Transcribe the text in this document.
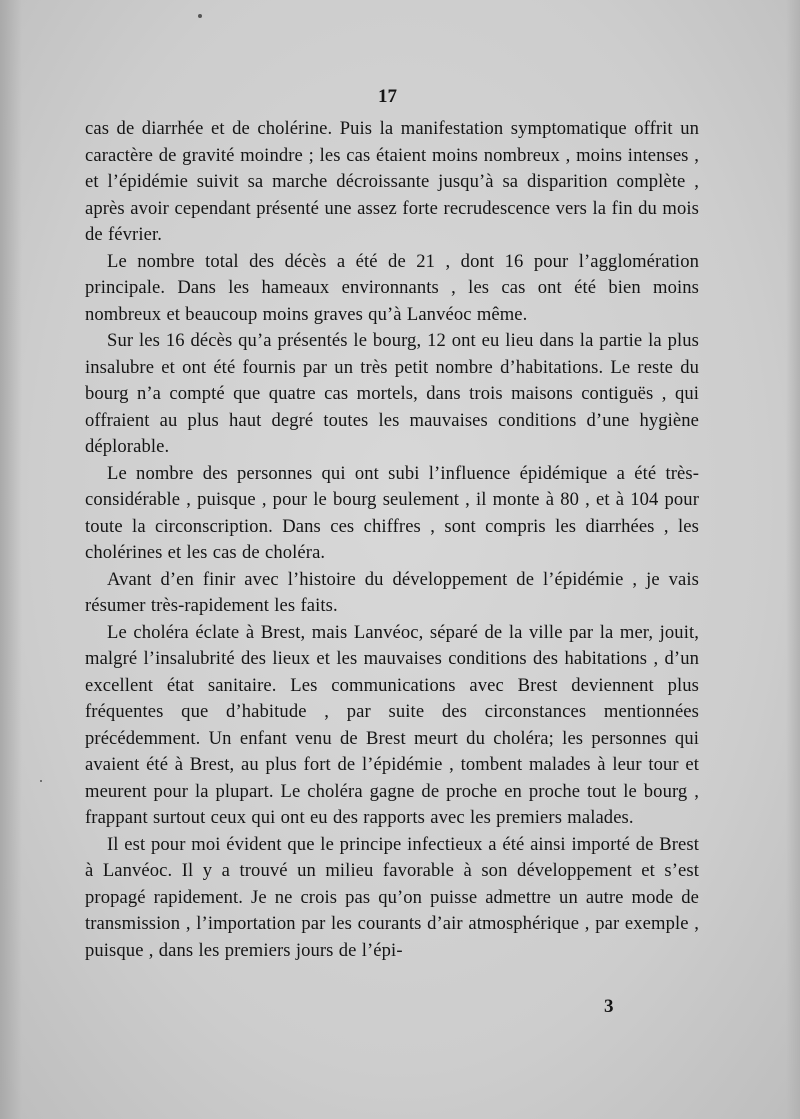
17

cas de diarrhée et de cholérine. Puis la manifestation symptomatique offrit un caractère de gravité moindre ; les cas étaient moins nombreux , moins intenses , et l’épidémie suivit sa marche décroissante jusqu’à sa disparition complète , après avoir cependant présenté une assez forte recrudescence vers la fin du mois de février.

Le nombre total des décès a été de 21 , dont 16 pour l’agglomération principale. Dans les hameaux environnants , les cas ont été bien moins nombreux et beaucoup moins graves qu’à Lanvéoc même.

Sur les 16 décès qu’a présentés le bourg, 12 ont eu lieu dans la partie la plus insalubre et ont été fournis par un très petit nombre d’habitations. Le reste du bourg n’a compté que quatre cas mortels, dans trois maisons contiguës , qui offraient au plus haut degré toutes les mauvaises conditions d’une hygiène déplorable.

Le nombre des personnes qui ont subi l’influence épidémique a été très-considérable , puisque , pour le bourg seulement , il monte à 80 , et à 104 pour toute la circonscription. Dans ces chiffres , sont compris les diarrhées , les cholérines et les cas de choléra.

Avant d’en finir avec l’histoire du développement de l’épidémie , je vais résumer très-rapidement les faits.

Le choléra éclate à Brest, mais Lanvéoc, séparé de la ville par la mer, jouit, malgré l’insalubrité des lieux et les mauvaises conditions des habitations , d’un excellent état sanitaire. Les communications avec Brest deviennent plus fréquentes que d’habitude , par suite des circonstances mentionnées précédemment. Un enfant venu de Brest meurt du choléra; les personnes qui avaient été à Brest, au plus fort de l’épidémie , tombent malades à leur tour et meurent pour la plupart. Le choléra gagne de proche en proche tout le bourg , frappant surtout ceux qui ont eu des rapports avec les premiers malades.

Il est pour moi évident que le principe infectieux a été ainsi importé de Brest à Lanvéoc. Il y a trouvé un milieu favorable à son développement et s’est propagé rapidement. Je ne crois pas qu’on puisse admettre un autre mode de transmission , l’importation par les courants d’air atmosphérique , par exemple , puisque , dans les premiers jours de l’épi-

3
